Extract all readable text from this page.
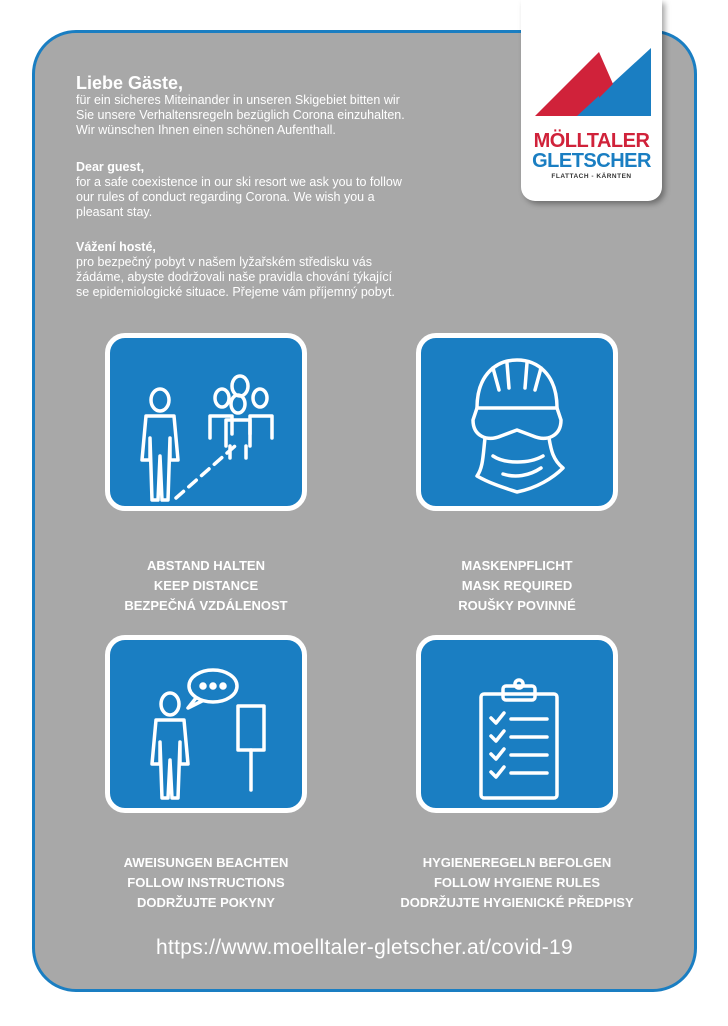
MÖLLTALER
GLETSCHER
FLATTACH - KÄRNTEN
Liebe Gäste,
für ein sicheres Miteinander in unseren Skigebiet bitten wir
Sie unsere Verhaltensregeln bezüglich Corona einzuhalten.
Wir wünschen Ihnen einen schönen Aufenthall.
Dear guest,
for a safe coexistence in our ski resort we ask you to follow
our rules of conduct regarding Corona. We wish you a
pleasant stay.
Vážení hosté,
pro bezpečný pobyt v našem lyžařském středisku vás
žádáme, abyste dodržovali naše pravidla chování týkající
se epidemiologické situace. Přejeme vám příjemný pobyt.
ABSTAND HALTEN
KEEP DISTANCE
BEZPEČNÁ VZDÁLENOST
MASKENPFLICHT
MASK REQUIRED
ROUŠKY POVINNÉ
AWEISUNGEN BEACHTEN
FOLLOW INSTRUCTIONS
DODRŽUJTE POKYNY
HYGIENEREGELN BEFOLGEN
FOLLOW HYGIENE RULES
DODRŽUJTE HYGIENICKÉ PŘEDPISY
https://www.moelltaler-gletscher.at/covid-19
